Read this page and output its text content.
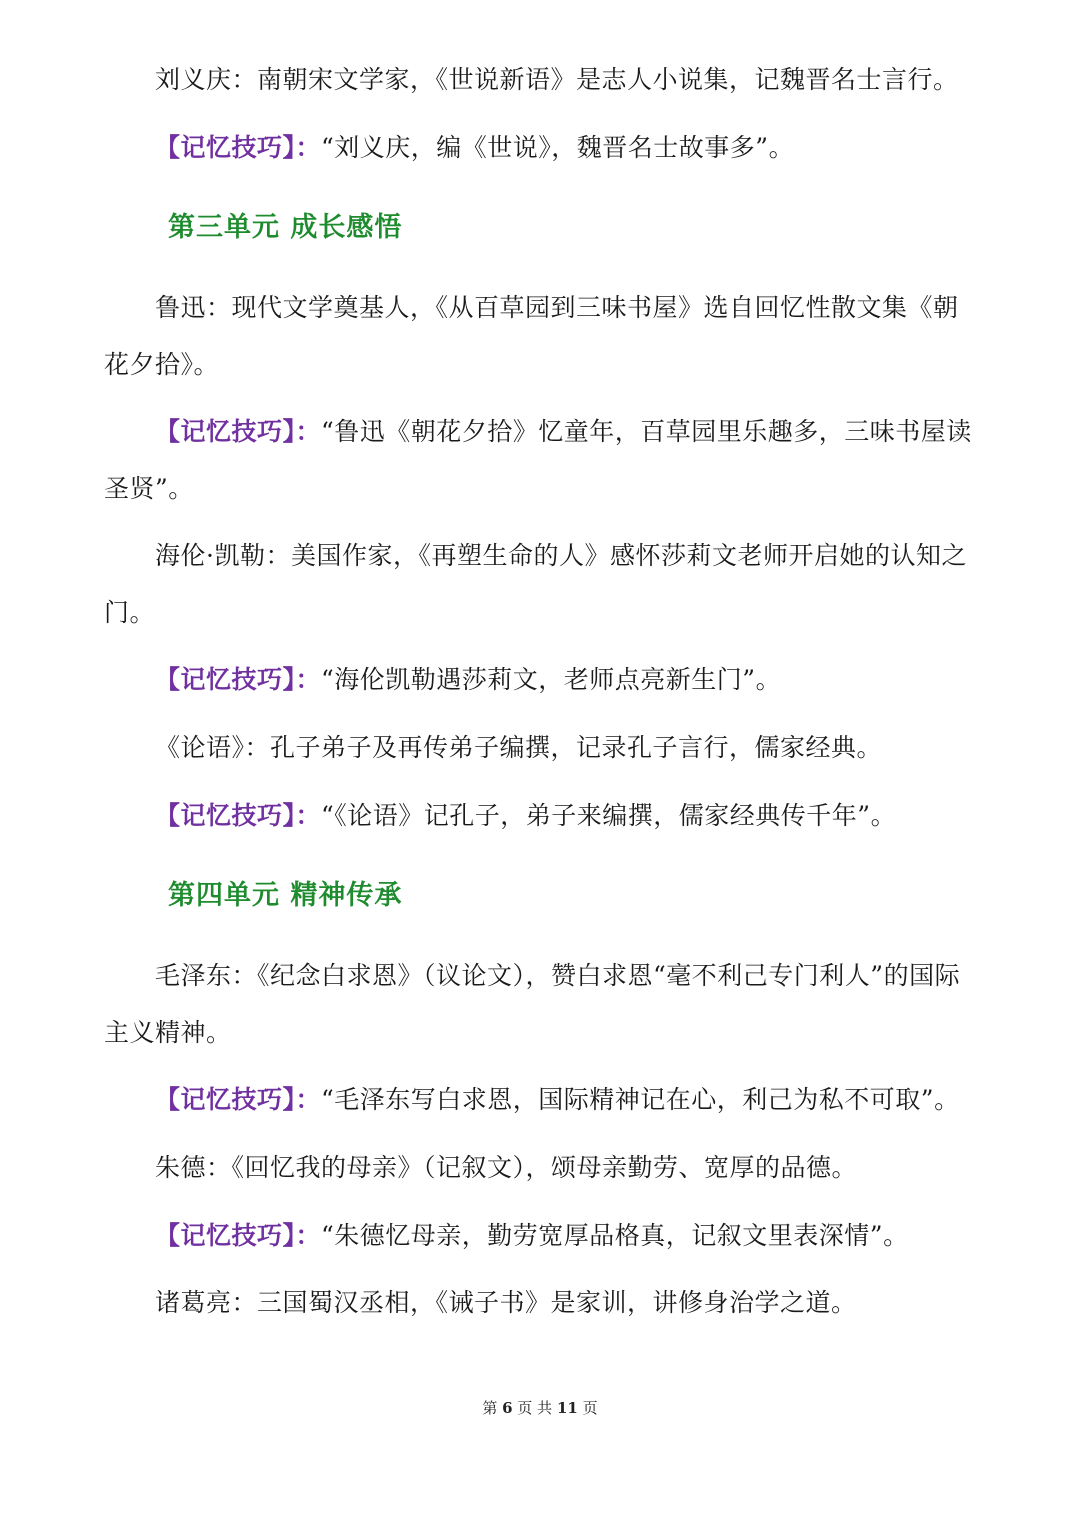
刘义庆：南朝宋文学家，《世说新语》是志人小说集，记魏晋名士言行。
【记忆技巧】：“刘义庆，编《世说》，魏晋名士故事多”。
第三单元 成长感悟
鲁迅：现代文学奠基人，《从百草园到三味书屋》选自回忆性散文集《朝
花夕拾》。
【记忆技巧】：“鲁迅《朝花夕拾》忆童年，百草园里乐趣多，三味书屋读
圣贤”。
海伦·凯勒：美国作家，《再塑生命的人》感怀莎莉文老师开启她的认知之
门。
【记忆技巧】：“海伦凯勒遇莎莉文，老师点亮新生门”。
《论语》：孔子弟子及再传弟子编撰，记录孔子言行，儒家经典。
【记忆技巧】：“《论语》记孔子，弟子来编撰，儒家经典传千年”。
第四单元 精神传承
毛泽东：《纪念白求恩》（议论文），赞白求恩“毫不利己专门利人”的国际
主义精神。
【记忆技巧】：“毛泽东写白求恩，国际精神记在心，利己为私不可取”。
朱德：《回忆我的母亲》（记叙文），颂母亲勤劳、宽厚的品德。
【记忆技巧】：“朱德忆母亲，勤劳宽厚品格真，记叙文里表深情”。
诸葛亮：三国蜀汉丞相，《诫子书》是家训，讲修身治学之道。
第 6 页 共 11 页
